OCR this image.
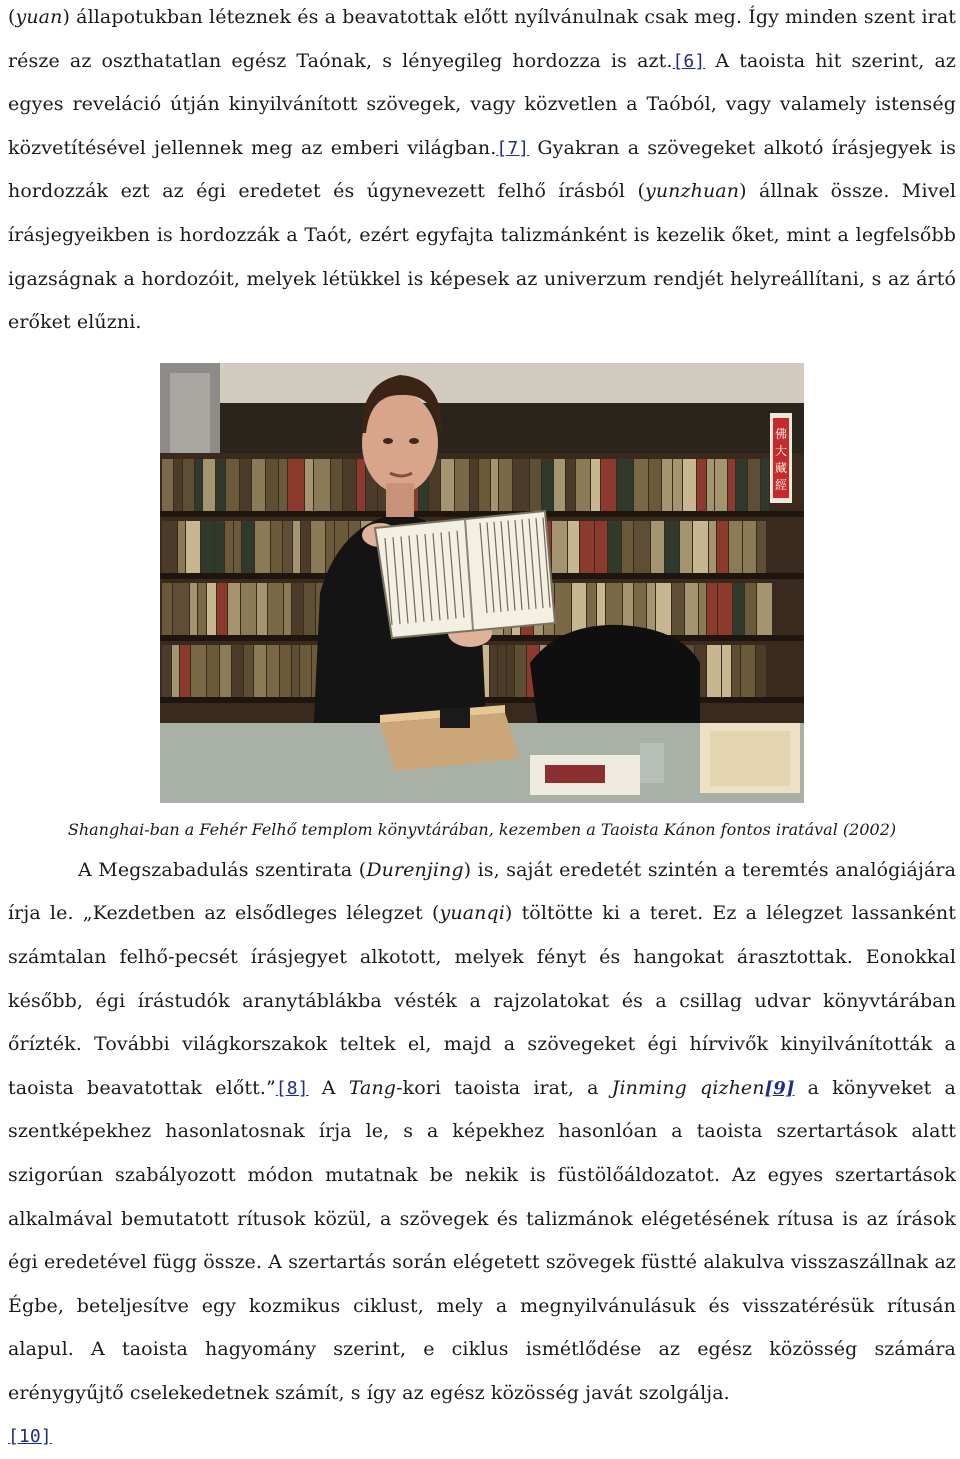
(yuan) állapotukban léteznek és a beavatottak előtt nyílvánulnak csak meg. Így minden szent irat része az oszthatatlan egész Taónak, s lényegileg hordozza is azt.[6] A taoista hit szerint, az egyes reveláció útján kinyilvánított szövegek, vagy közvetlen a Taóból, vagy valamely istenség közvetítésével jellennek meg az emberi világban.[7] Gyakran a szövegeket alkotó írásjegyek is hordozzák ezt az égi eredetet és úgynevezett felhő írásból (yunzhuan) állnak össze. Mivel írásjegyeikben is hordozzák a Taót, ezért egyfajta talizmánként is kezelik őket, mint a legfelsőbb igazságnak a hordozóit, melyek létükkel is képesek az univerzum rendjét helyreállítani, s az ártó erőket elűzni.

佛
大
藏
經

Shanghai-ban a Fehér Felhő templom könyvtárában, kezemben a Taoista Kánon fontos iratával (2002)

A Megszabadulás szentirata (Durenjing) is, saját eredetét szintén a teremtés analógiájára írja le. „Kezdetben az elsődleges lélegzet (yuanqi) töltötte ki a teret. Ez a lélegzet lassanként számtalan felhő-pecsét írásjegyet alkotott, melyek fényt és hangokat árasztottak. Eonokkal később, égi írástudók aranytáblákba vésték a rajzolatokat és a csillag udvar könyvtárában őrízték. További világkorszakok teltek el, majd a szövegeket égi hírvivők kinyilvánították a taoista beavatottak előtt.”[8] A Tang-kori taoista irat, a Jinming qizhen[9] a könyveket a szentképekhez hasonlatosnak írja le, s a képekhez hasonlóan a taoista szertartások alatt szigorúan szabályozott módon mutatnak be nekik is füstölőáldozatot. Az egyes szertartások alkalmával bemutatott rítusok közül, a szövegek és talizmánok elégetésének rítusa is az írások égi eredetével függ össze. A szertartás során elégetett szövegek füstté alakulva visszaszállnak az Égbe, beteljesítve egy kozmikus ciklust, mely a megnyilvánulásuk és visszatérésük rítusán alapul. A taoista hagyomány szerint, e ciklus ismétlődése az egész közösség számára erénygyűjtő cselekedetnek számít, s így az egész közösség javát szolgálja.
[10]
